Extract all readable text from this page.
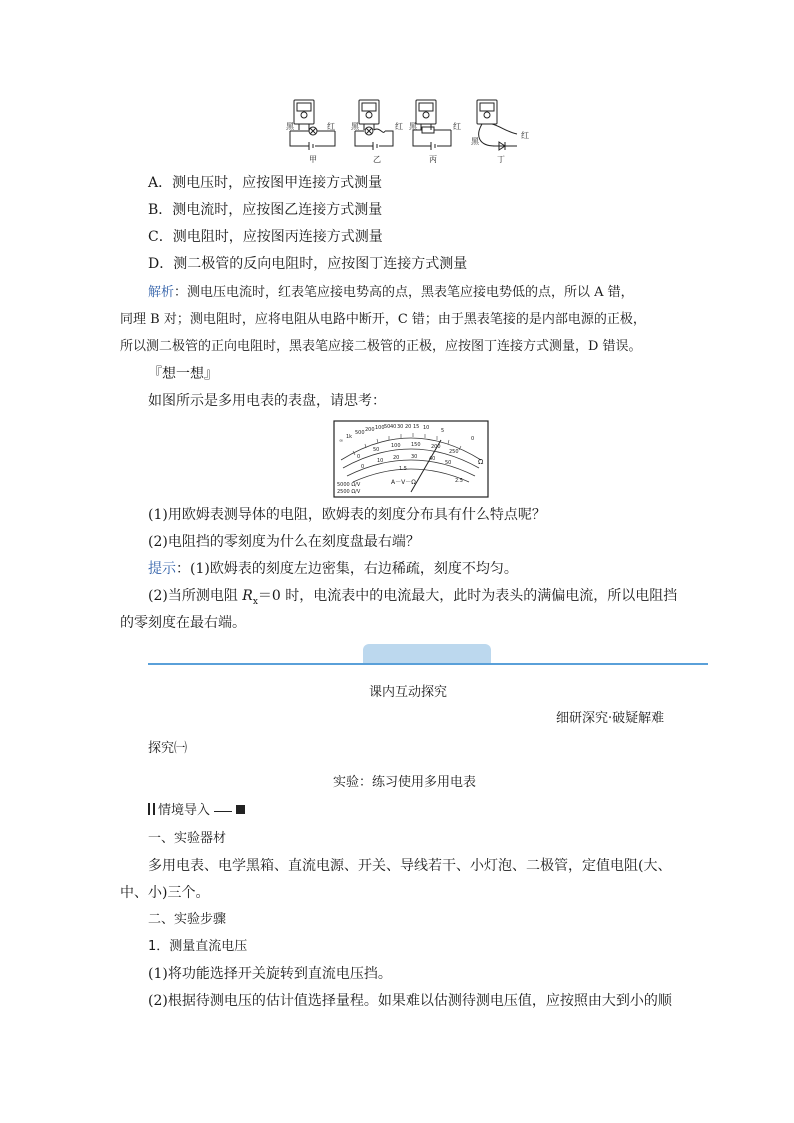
黑	红 黑	红 黑	红
黑
红
甲	乙	丙	丁
A．测电压时，应按图甲连接方式测量
B．测电流时，应按图乙连接方式测量
C．测电阻时，应按图丙连接方式测量
D．测二极管的反向电阻时，应按图丁连接方式测量
解析：测电压电流时，红表笔应接电势高的点，黑表笔应接电势低的点，所以 A 错，
同理 B 对；测电阻时，应将电阻从电路中断开，C 错；由于黑表笔接的是内部电源的正极，
所以测二极管的正向电阻时，黑表笔应接二极管的正极，应按图丁连接方式测量，D 错误。
『想一想』
如图所示是多用电表的表盘，请思考：
∞
1k
500 200 100 50 40 30 20 15 10 5
0
Ω
0
50
100 150 200
250
0
10 20 30 40
50
1.5
A－V－Ω	2.5
5000 Ω/V
2500 Ω/V
(1)用欧姆表测导体的电阻，欧姆表的刻度分布具有什么特点呢？
(2)电阻挡的零刻度为什么在刻度盘最右端？
提示：(1)欧姆表的刻度左边密集，右边稀疏，刻度不均匀。
(2)当所测电阻 $R_x=0$ 时，电流表中的电流最大，此时为表头的满偏电流，所以电阻挡
的零刻度在最右端。
课内互动探究
细研深究·破疑解难
探究㈠
实验：练习使用多用电表
情境导入
一、实验器材
多用电表、电学黑箱、直流电源、开关、导线若干、小灯泡、二极管，定值电阻(大、
中、小)三个。
二、实验步骤
1．测量直流电压
(1)将功能选择开关旋转到直流电压挡。
(2)根据待测电压的估计值选择量程。如果难以估测待测电压值，应按照由大到小的顺
